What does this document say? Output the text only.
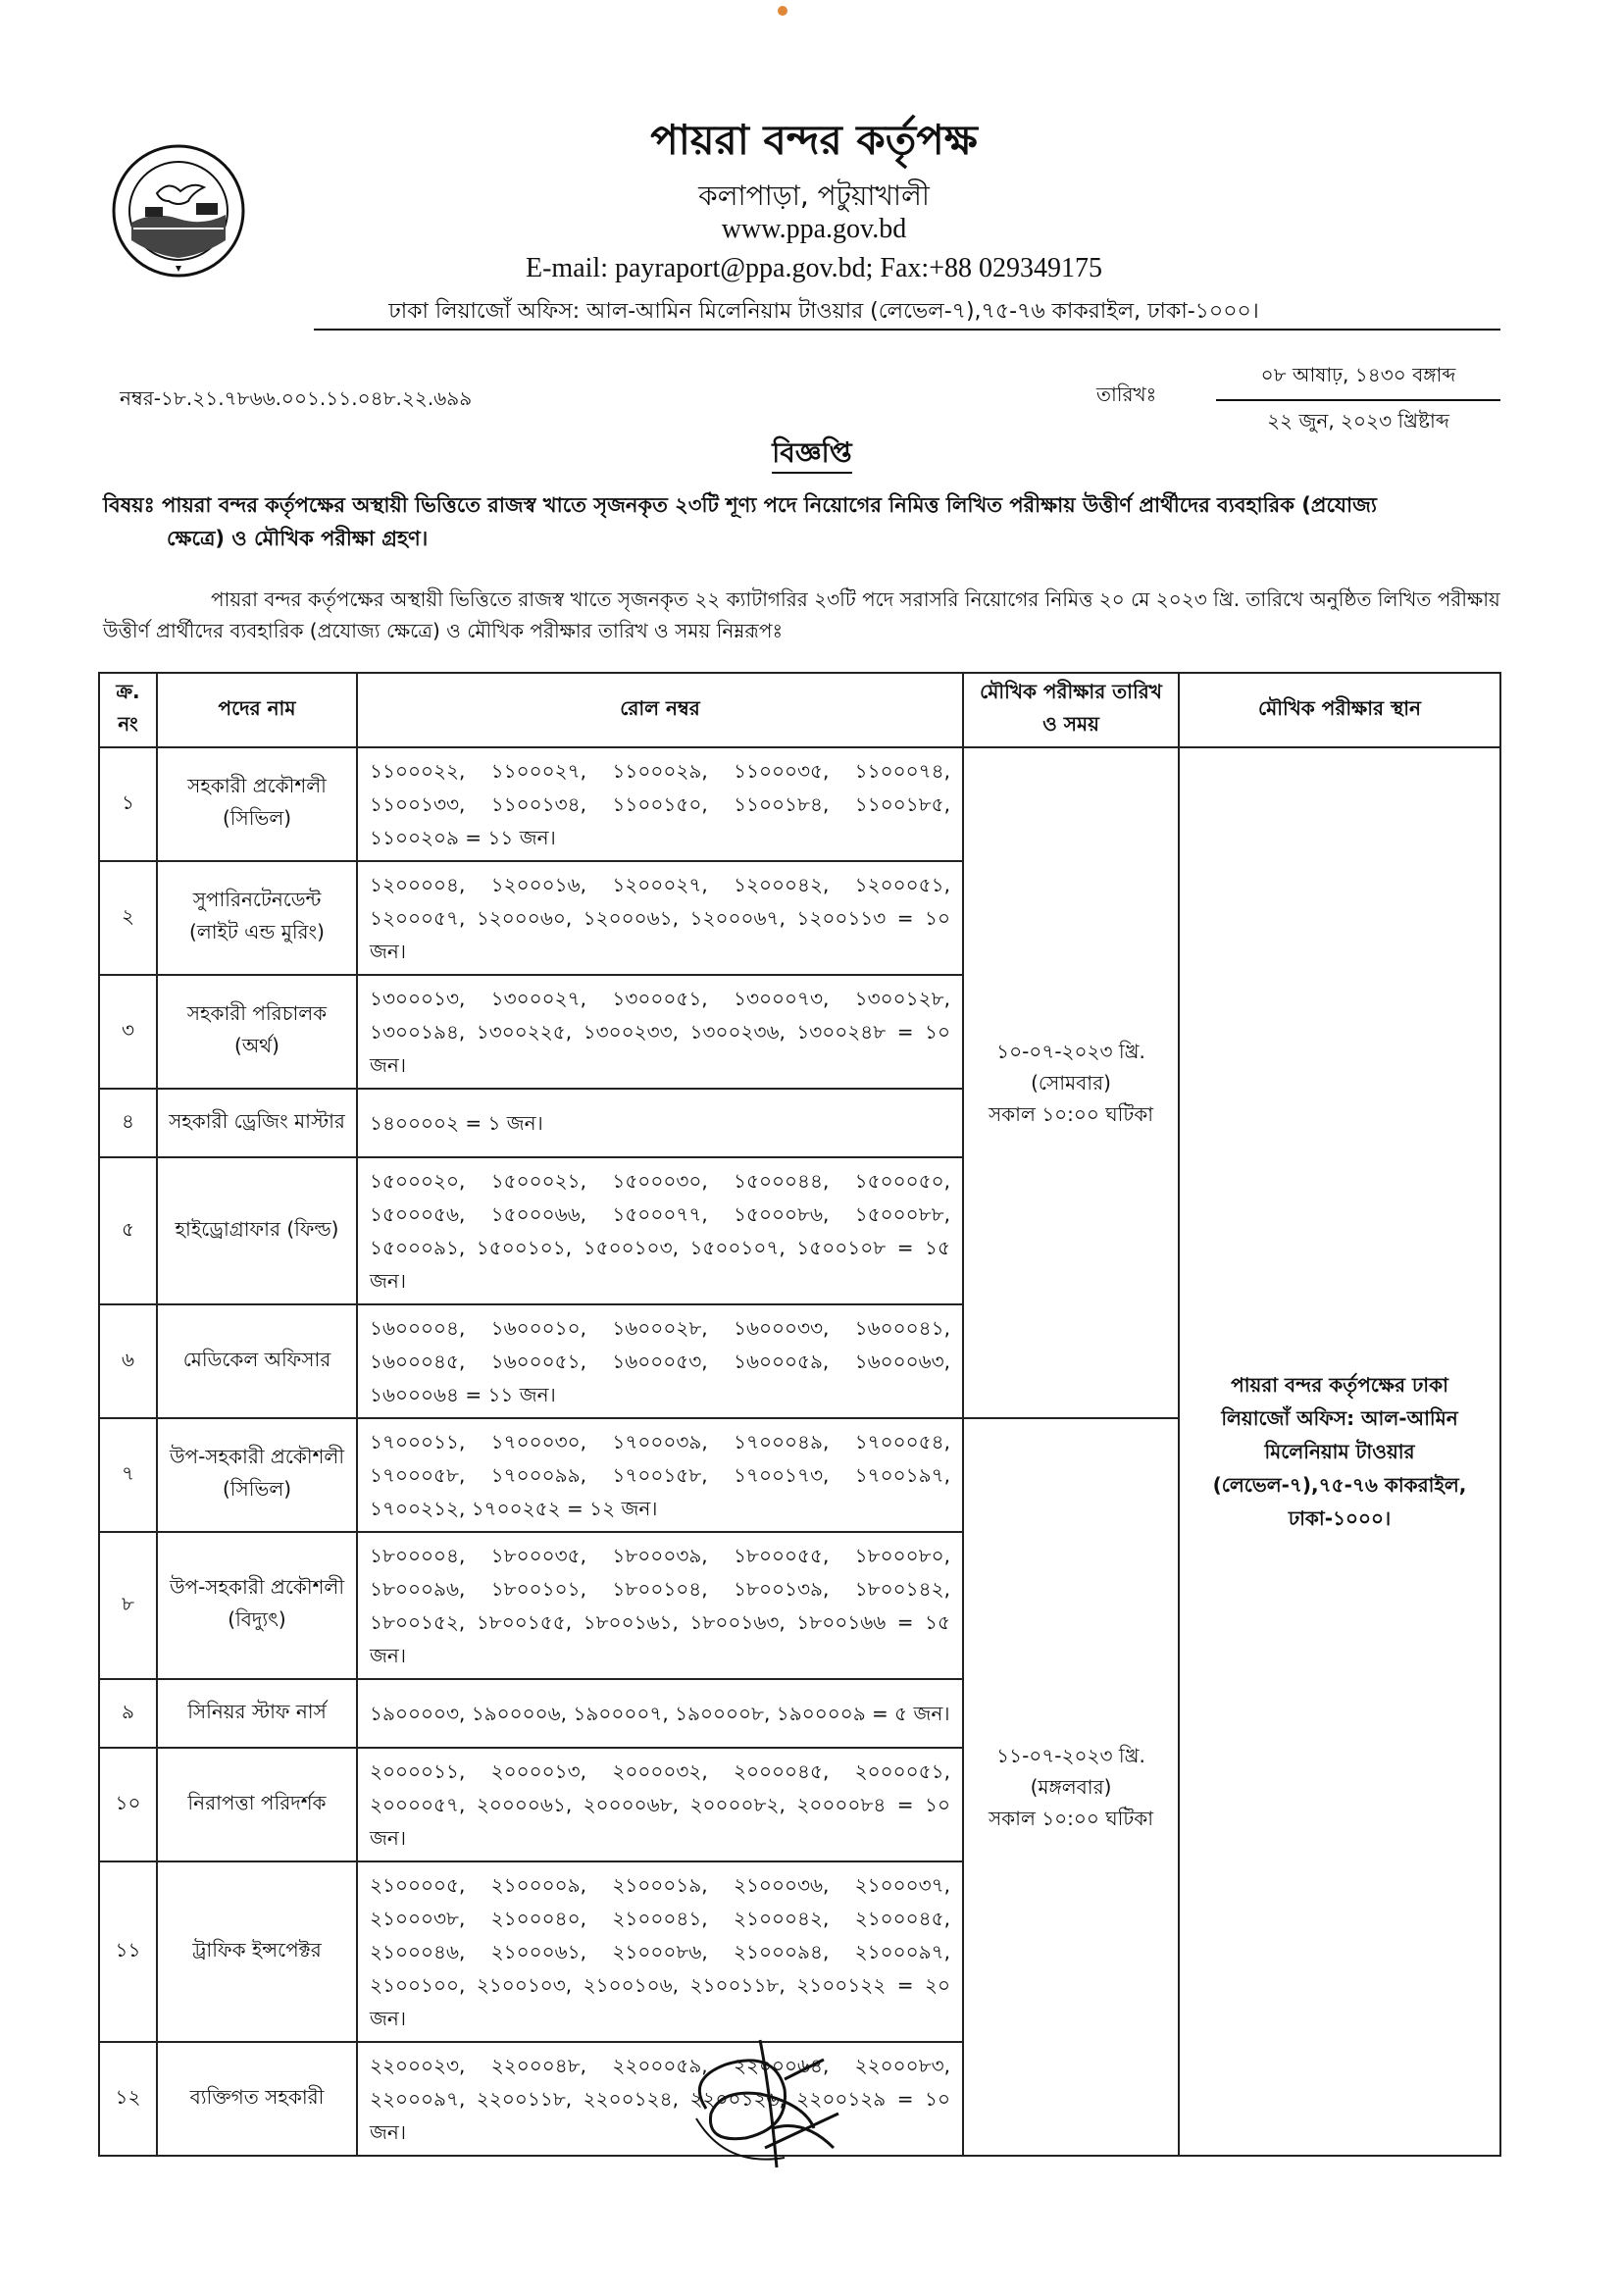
পায়রা বন্দর কর্তৃপক্ষ
কলাপাড়া, পটুয়াখালী
www.ppa.gov.bd
E-mail: payraport@ppa.gov.bd; Fax:+88 029349175
ঢাকা লিয়াজোঁ অফিস: আল-আমিন মিলেনিয়াম টাওয়ার (লেভেল-৭),৭৫-৭৬ কাকরাইল, ঢাকা-১০০০।
নম্বর-১৮.২১.৭৮৬৬.০০১.১১.০৪৮.২২.৬৯৯	তারিখঃ
০৮ আষাঢ়, ১৪৩০ বঙ্গাব্দ
২২ জুন, ২০২৩ খ্রিষ্টাব্দ
বিজ্ঞপ্তি
বিষয়ঃ পায়রা বন্দর কর্তৃপক্ষের অস্থায়ী ভিত্তিতে রাজস্ব খাতে সৃজনকৃত ২৩টি শূণ্য পদে নিয়োগের নিমিত্ত লিখিত পরীক্ষায় উত্তীর্ণ প্রার্থীদের ব্যবহারিক (প্রযোজ্য
ক্ষেত্রে) ও মৌখিক পরীক্ষা গ্রহণ।
পায়রা বন্দর কর্তৃপক্ষের অস্থায়ী ভিত্তিতে রাজস্ব খাতে সৃজনকৃত ২২ ক্যাটাগরির ২৩টি পদে সরাসরি নিয়োগের নিমিত্ত ২০ মে ২০২৩ খ্রি. তারিখে অনুষ্ঠিত লিখিত পরীক্ষায় উত্তীর্ণ প্রার্থীদের ব্যবহারিক (প্রযোজ্য ক্ষেত্রে) ও মৌখিক পরীক্ষার তারিখ ও সময় নিম্নরূপঃ
ক্র. নং	পদের নাম	রোল নম্বর	মৌখিক পরীক্ষার তারিখ ও সময়	মৌখিক পরীক্ষার স্থান
১	সহকারী প্রকৌশলী (সিভিল)	১১০০০২২, ১১০০০২৭, ১১০০০২৯, ১১০০০৩৫, ১১০০০৭৪, ১১০০১৩৩, ১১০০১৩৪, ১১০০১৫০, ১১০০১৮৪, ১১০০১৮৫, ১১০০২০৯ = ১১ জন।	১০-০৭-২০২৩ খ্রি.
(সোমবার)
সকাল ১০:০০ ঘটিকা	পায়রা বন্দর কর্তৃপক্ষের ঢাকা লিয়াজোঁ অফিস: আল-আমিন মিলেনিয়াম টাওয়ার (লেভেল-৭),৭৫-৭৬ কাকরাইল, ঢাকা-১০০০।
২	সুপারিনটেনডেন্ট (লাইট এন্ড মুরিং)	১২০০০০৪, ১২০০০১৬, ১২০০০২৭, ১২০০০৪২, ১২০০০৫১, ১২০০০৫৭, ১২০০০৬০, ১২০০০৬১, ১২০০০৬৭, ১২০০১১৩ = ১০ জন।		
৩	সহকারী পরিচালক (অর্থ)	১৩০০০১৩, ১৩০০০২৭, ১৩০০০৫১, ১৩০০০৭৩, ১৩০০১২৮, ১৩০০১৯৪, ১৩০০২২৫, ১৩০০২৩৩, ১৩০০২৩৬, ১৩০০২৪৮ = ১০ জন।		
৪	সহকারী ড্রেজিং মাস্টার	১৪০০০০২ = ১ জন।		
৫	হাইড্রোগ্রাফার (ফিল্ড)	১৫০০০২০, ১৫০০০২১, ১৫০০০৩০, ১৫০০০৪৪, ১৫০০০৫০, ১৫০০০৫৬, ১৫০০০৬৬, ১৫০০০৭৭, ১৫০০০৮৬, ১৫০০০৮৮, ১৫০০০৯১, ১৫০০১০১, ১৫০০১০৩, ১৫০০১০৭, ১৫০০১০৮ = ১৫ জন।		
৬	মেডিকেল অফিসার	১৬০০০০৪, ১৬০০০১০, ১৬০০০২৮, ১৬০০০৩৩, ১৬০০০৪১, ১৬০০০৪৫, ১৬০০০৫১, ১৬০০০৫৩, ১৬০০০৫৯, ১৬০০০৬৩, ১৬০০০৬৪ = ১১ জন।		
৭	উপ-সহকারী প্রকৌশলী (সিভিল)	১৭০০০১১, ১৭০০০৩০, ১৭০০০৩৯, ১৭০০০৪৯, ১৭০০০৫৪, ১৭০০০৫৮, ১৭০০০৯৯, ১৭০০১৫৮, ১৭০০১৭৩, ১৭০০১৯৭, ১৭০০২১২, ১৭০০২৫২ = ১২ জন।	১১-০৭-২০২৩ খ্রি.
(মঙ্গলবার)
সকাল ১০:০০ ঘটিকা	

৮	উপ-সহকারী প্রকৌশলী (বিদ্যুৎ)	১৮০০০০৪, ১৮০০০৩৫, ১৮০০০৩৯, ১৮০০০৫৫, ১৮০০০৮০, ১৮০০০৯৬, ১৮০০১০১, ১৮০০১০৪, ১৮০০১৩৯, ১৮০০১৪২, ১৮০০১৫২, ১৮০০১৫৫, ১৮০০১৬১, ১৮০০১৬৩, ১৮০০১৬৬ = ১৫ জন।		
৯	সিনিয়র স্টাফ নার্স	১৯০০০০৩, ১৯০০০০৬, ১৯০০০০৭, ১৯০০০০৮, ১৯০০০০৯ = ৫ জন।		
১০	নিরাপত্তা পরিদর্শক	২০০০০১১, ২০০০০১৩, ২০০০০৩২, ২০০০০৪৫, ২০০০০৫১, ২০০০০৫৭, ২০০০০৬১, ২০০০০৬৮, ২০০০০৮২, ২০০০০৮৪ = ১০ জন।		
১১	ট্রাফিক ইন্সপেক্টর	২১০০০০৫, ২১০০০০৯, ২১০০০১৯, ২১০০০৩৬, ২১০০০৩৭, ২১০০০৩৮, ২১০০০৪০, ২১০০০৪১, ২১০০০৪২, ২১০০০৪৫, ২১০০০৪৬, ২১০০০৬১, ২১০০০৮৬, ২১০০০৯৪, ২১০০০৯৭, ২১০০১০০, ২১০০১০৩, ২১০০১০৬, ২১০০১১৮, ২১০০১২২ = ২০ জন।		
১২	ব্যক্তিগত সহকারী	২২০০০২৩, ২২০০০৪৮, ২২০০০৫৯, ২২০০০৬৪, ২২০০০৮৩, ২২০০০৯৭, ২২০০১১৮, ২২০০১২৪, ২২০০১২৬, ২২০০১২৯ = ১০ জন।		
